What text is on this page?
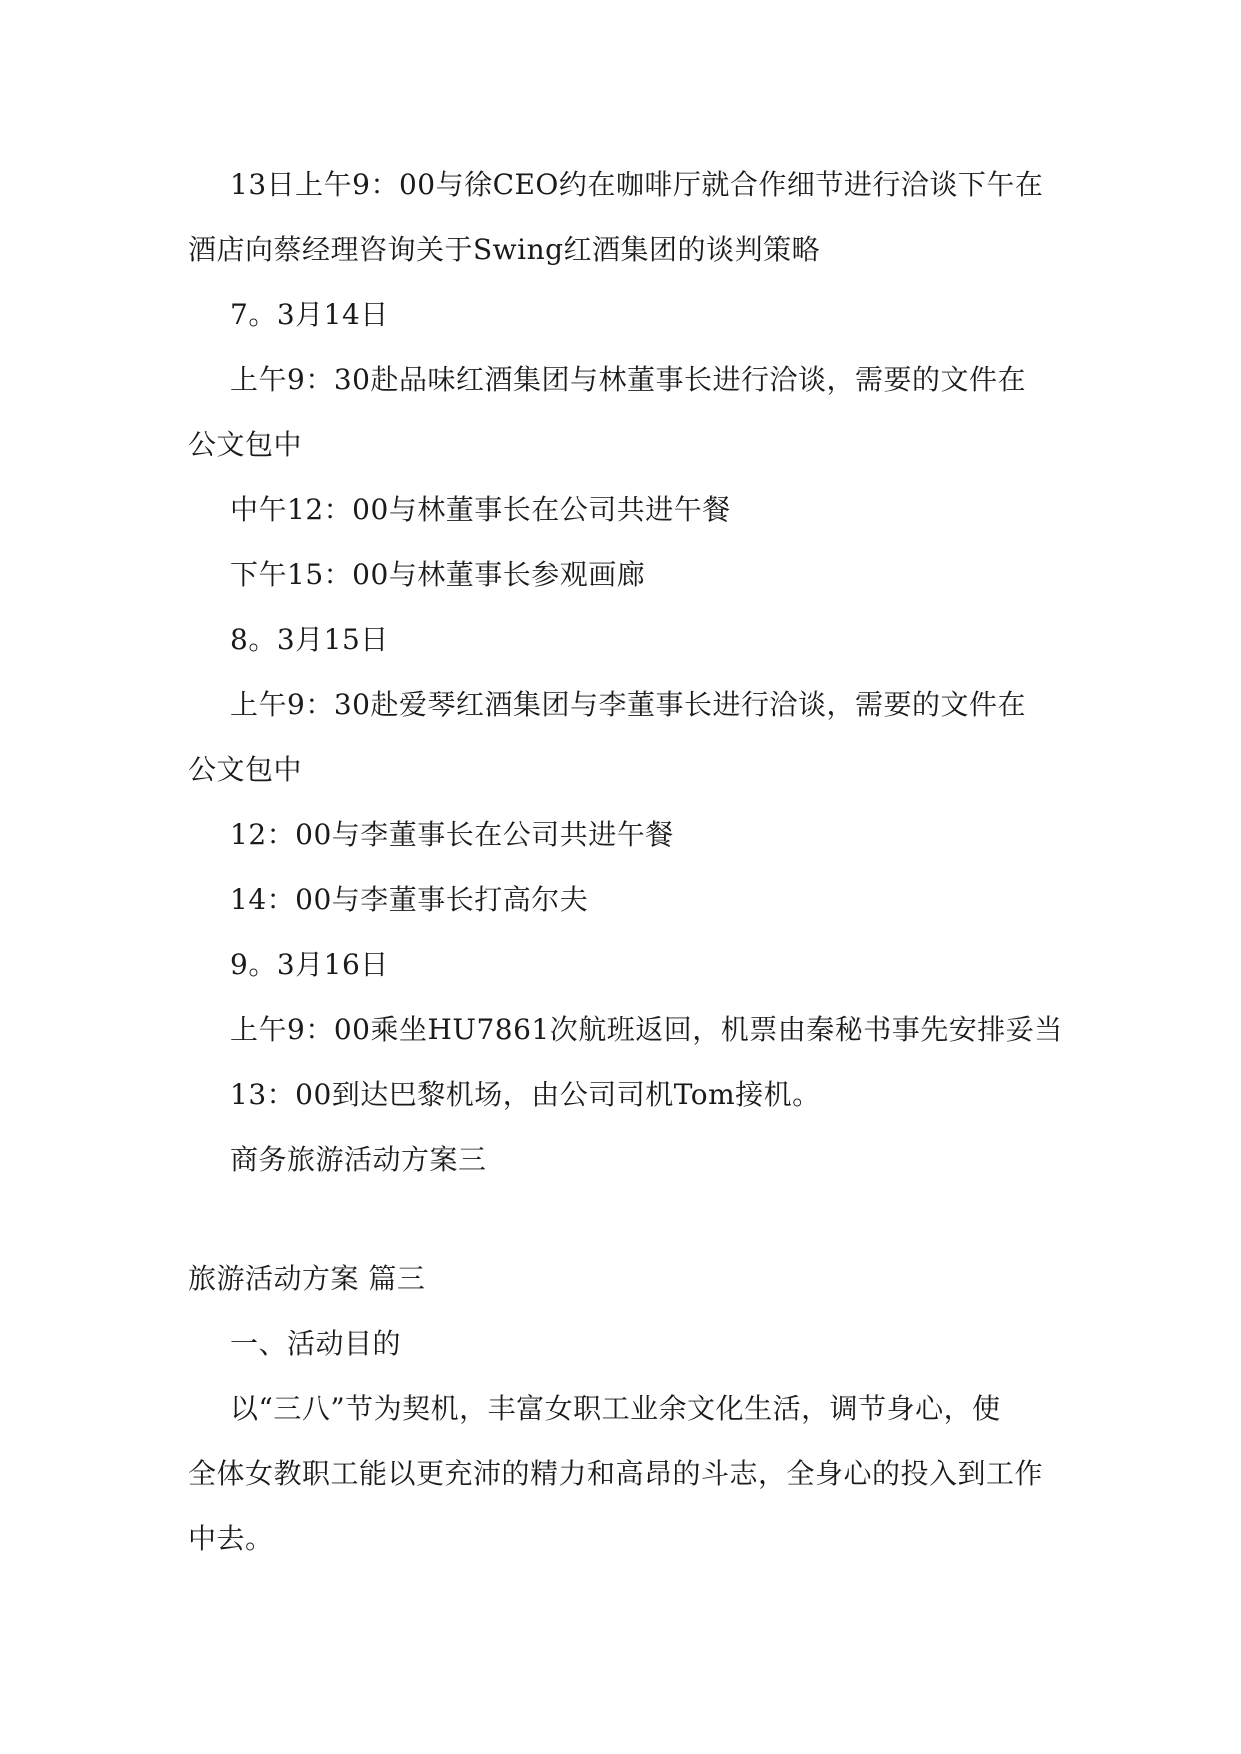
13日上午9：00与徐CEO约在咖啡厅就合作细节进行洽谈下午在
酒店向蔡经理咨询关于Swing红酒集团的谈判策略
7。3月14日
上午9：30赴品味红酒集团与林董事长进行洽谈，需要的文件在
公文包中
中午12：00与林董事长在公司共进午餐
下午15：00与林董事长参观画廊
8。3月15日
上午9：30赴爱琴红酒集团与李董事长进行洽谈，需要的文件在
公文包中
12：00与李董事长在公司共进午餐
14：00与李董事长打高尔夫
9。3月16日
上午9：00乘坐HU7861次航班返回，机票由秦秘书事先安排妥当
13：00到达巴黎机场，由公司司机Tom接机。
商务旅游活动方案三
旅游活动方案 篇三
一、活动目的
以“三八”节为契机，丰富女职工业余文化生活，调节身心，使
全体女教职工能以更充沛的精力和高昂的斗志，全身心的投入到工作
中去。
